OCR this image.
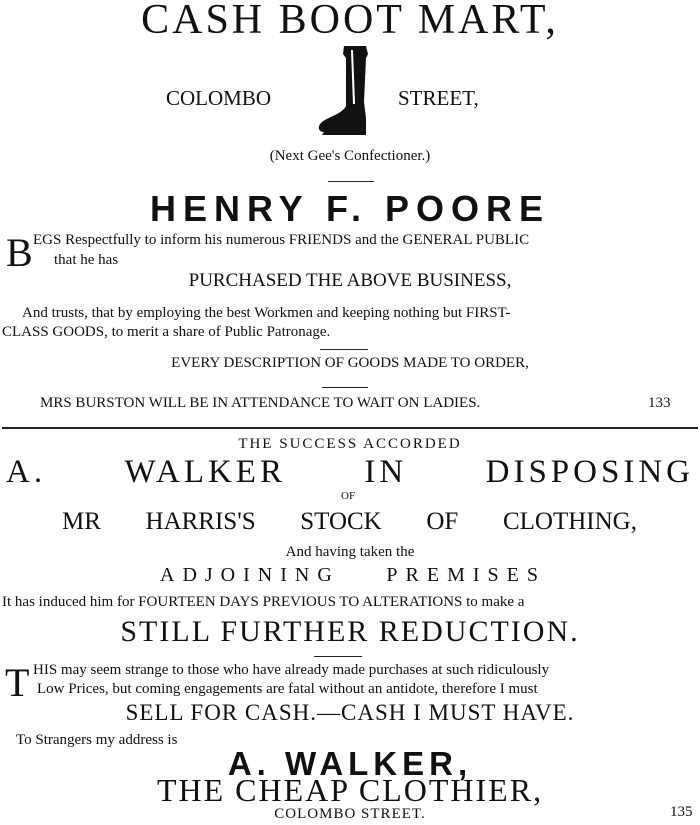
CASH BOOT MART,
COLOMBO	STREET,
(Next Gee's Confectioner.)
HENRY F. POORE
B EGS Respectfully to inform his numerous FRIENDS and the GENERAL PUBLIC
that he has
PURCHASED THE ABOVE BUSINESS,
And trusts, that by employing the best Workmen and keeping nothing but FIRST-
CLASS GOODS, to merit a share of Public Patronage.
EVERY DESCRIPTION OF GOODS MADE TO ORDER,
MRS BURSTON WILL BE IN ATTENDANCE TO WAIT ON LADIES.	133
THE SUCCESS ACCORDED
A. WALKER IN DISPOSING
OF
MR HARRIS'S STOCK OF CLOTHING,
And having taken the
ADJOINING PREMISES
It has induced him for FOURTEEN DAYS PREVIOUS TO ALTERATIONS to make a
STILL FURTHER REDUCTION.
T HIS may seem strange to those who have already made purchases at such ridiculously
Low Prices, but coming engagements are fatal without an antidote, therefore I must
SELL FOR CASH.—CASH I MUST HAVE.
To Strangers my address is
A. WALKER,
THE CHEAP CLOTHIER,
COLOMBO STREET.	135
